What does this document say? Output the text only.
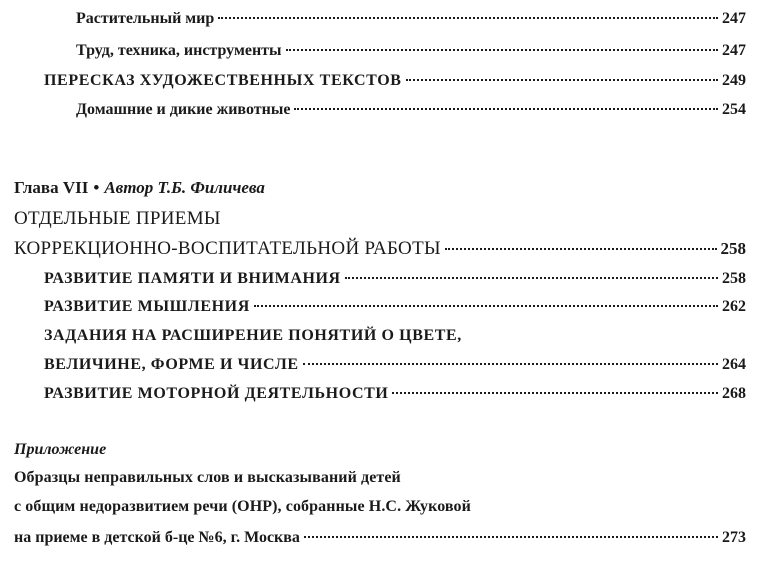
Растительный мир	247
Труд, техника, инструменты	247
ПЕРЕСКАЗ ХУДОЖЕСТВЕННЫХ ТЕКСТОВ	249
Домашние и дикие животные	254
Глава VII • Автор Т.Б. Филичева
ОТДЕЛЬНЫЕ ПРИЕМЫ
КОРРЕКЦИОННО-ВОСПИТАТЕЛЬНОЙ РАБОТЫ	258
РАЗВИТИЕ ПАМЯТИ И ВНИМАНИЯ	258
РАЗВИТИЕ МЫШЛЕНИЯ	262
ЗАДАНИЯ НА РАСШИРЕНИЕ ПОНЯТИЙ О ЦВЕТЕ,
ВЕЛИЧИНЕ, ФОРМЕ И ЧИСЛЕ	264
РАЗВИТИЕ МОТОРНОЙ ДЕЯТЕЛЬНОСТИ	268
Приложение
Образцы неправильных слов и высказываний детей
с общим недоразвитием речи (ОНР), собранные Н.С. Жуковой
на приеме в детской б-це №6, г. Москва	273
